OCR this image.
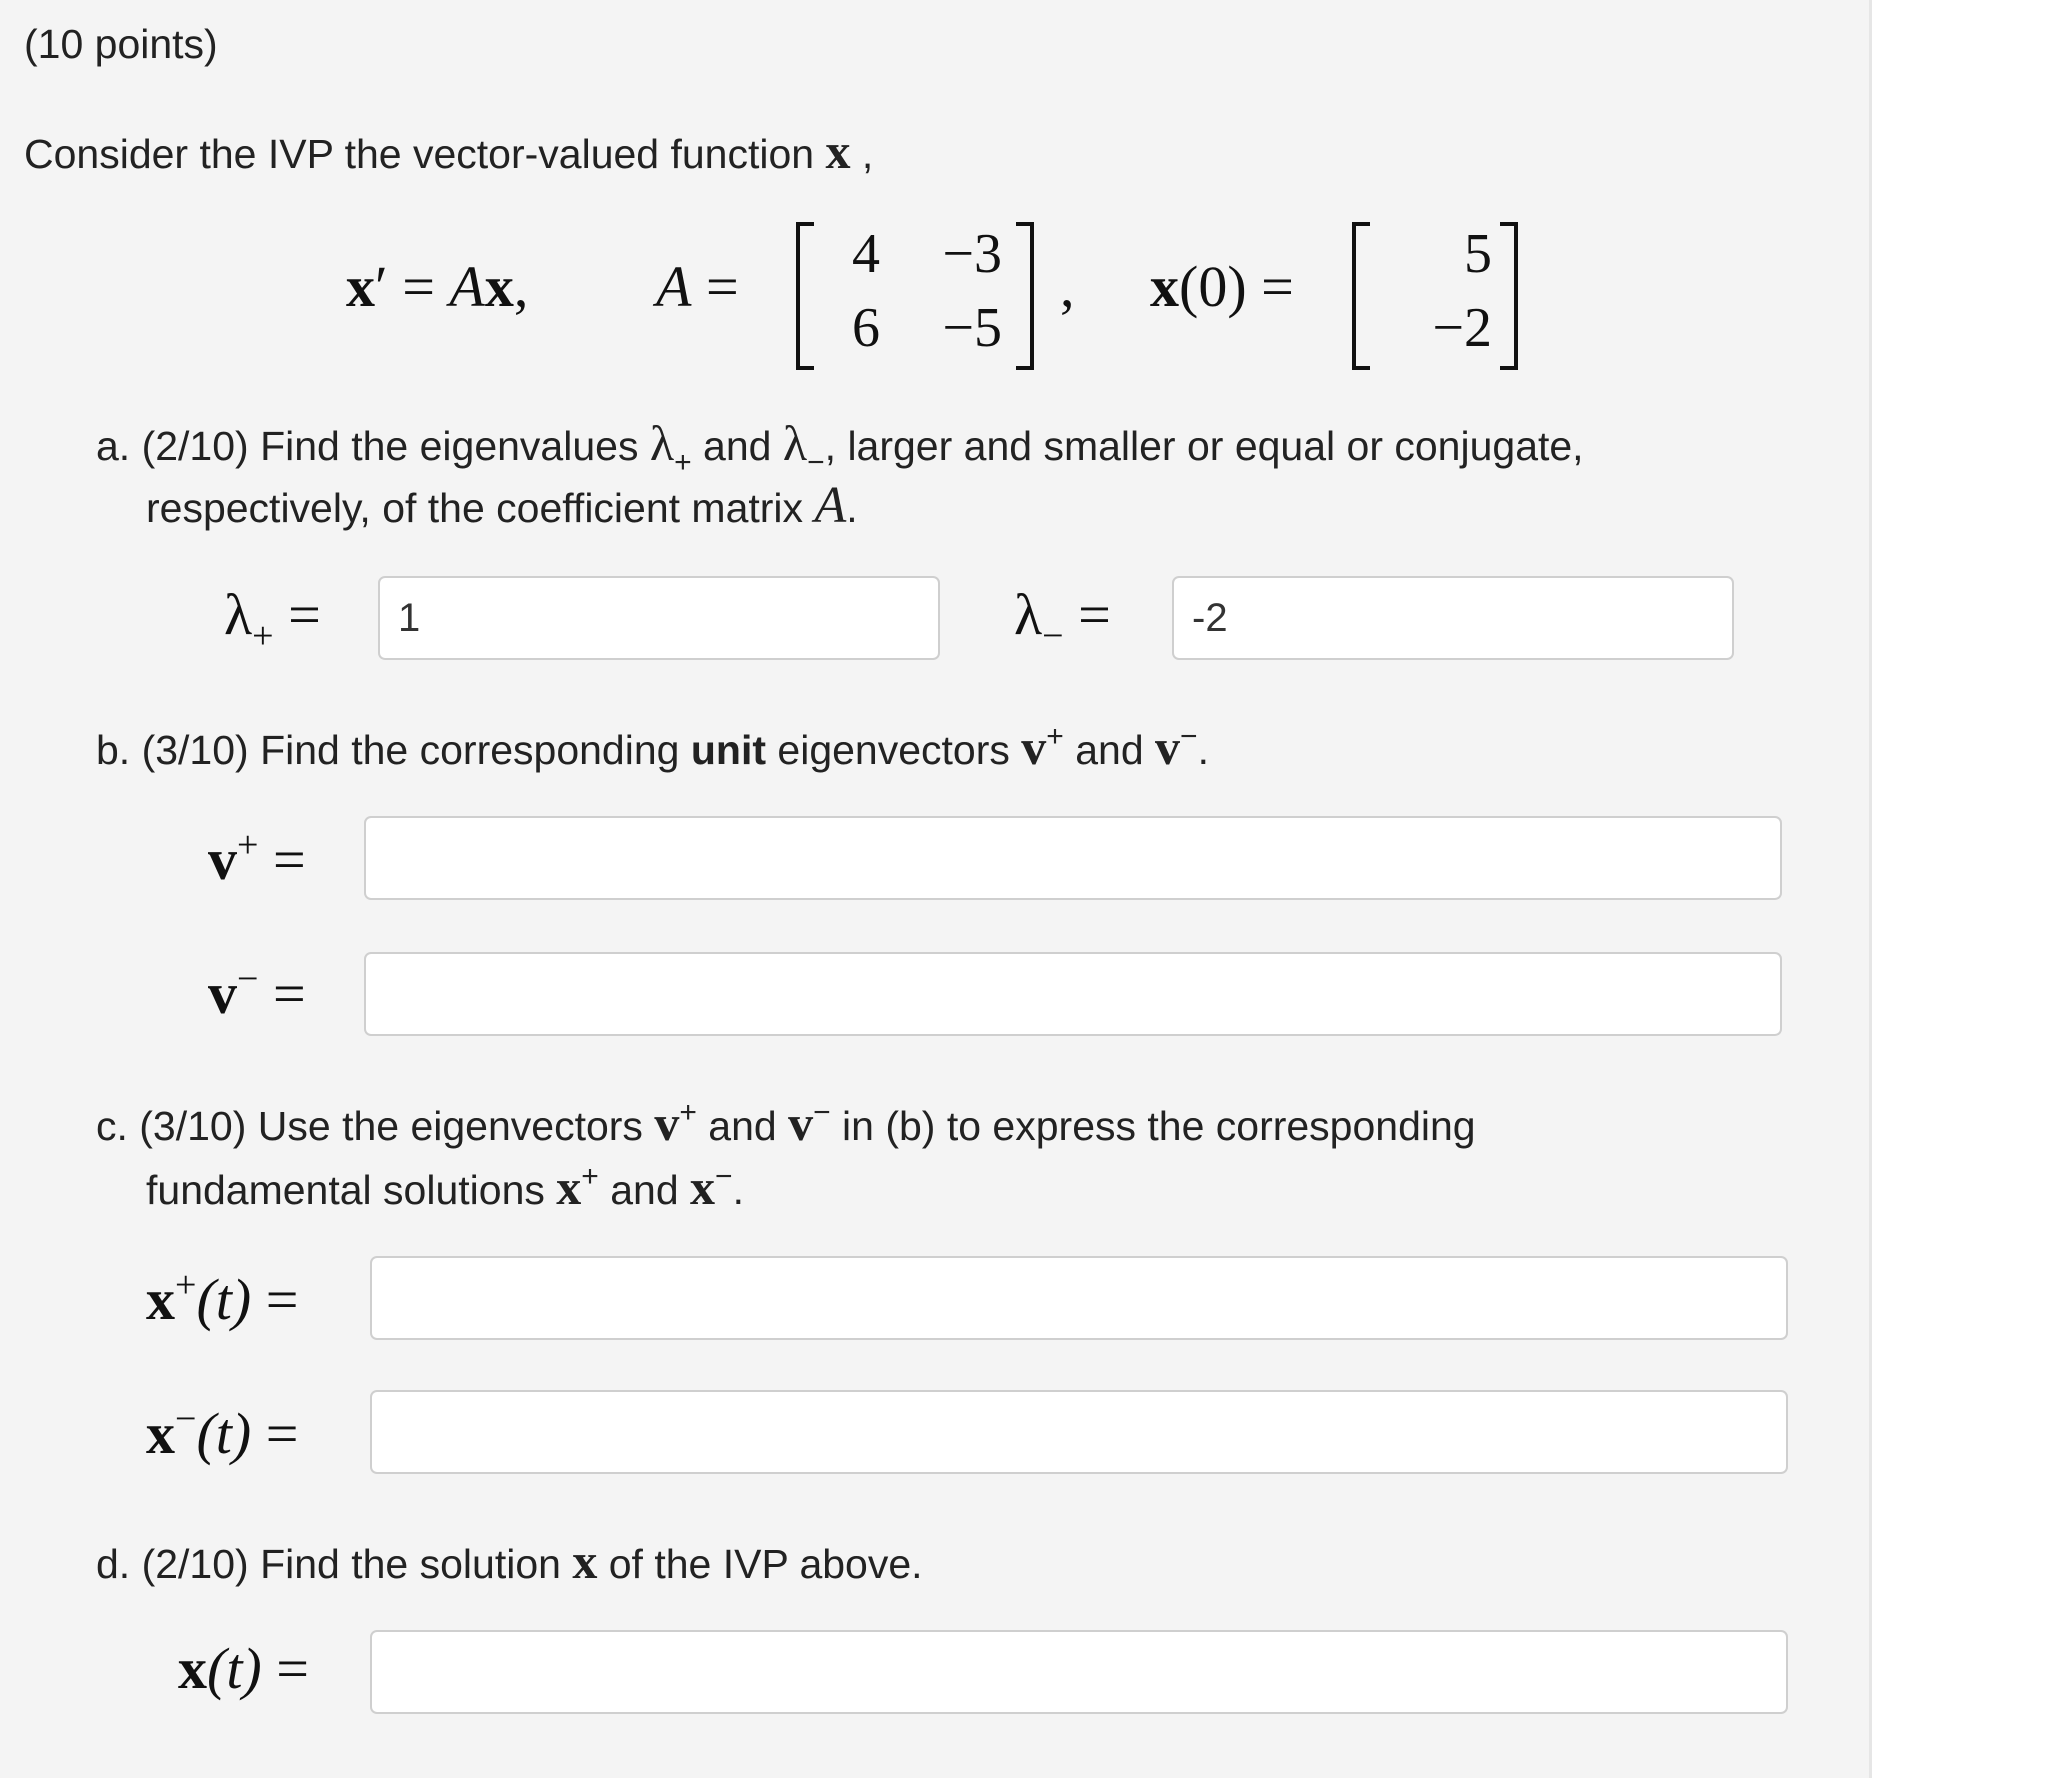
(10 points)
Consider the IVP the vector-valued function x ,
x′ = Ax, A =	4	−3
6	−5
, x(0) =	5
−2
a. (2/10) Find the eigenvalues $\lambda_+$ and $\lambda_-$, larger and smaller or equal or conjugate,
respectively, of the coefficient matrix A.
$\lambda_+$ =
1	$\lambda_-$ =
-2
b. (3/10) Find the corresponding unit eigenvectors v+ and v−.
v+ =
v− =
c. (3/10) Use the eigenvectors v+ and v− in (b) to express the corresponding
fundamental solutions x+ and x−.
x+(t) =
x−(t) =
d. (2/10) Find the solution x of the IVP above.
x(t) =
